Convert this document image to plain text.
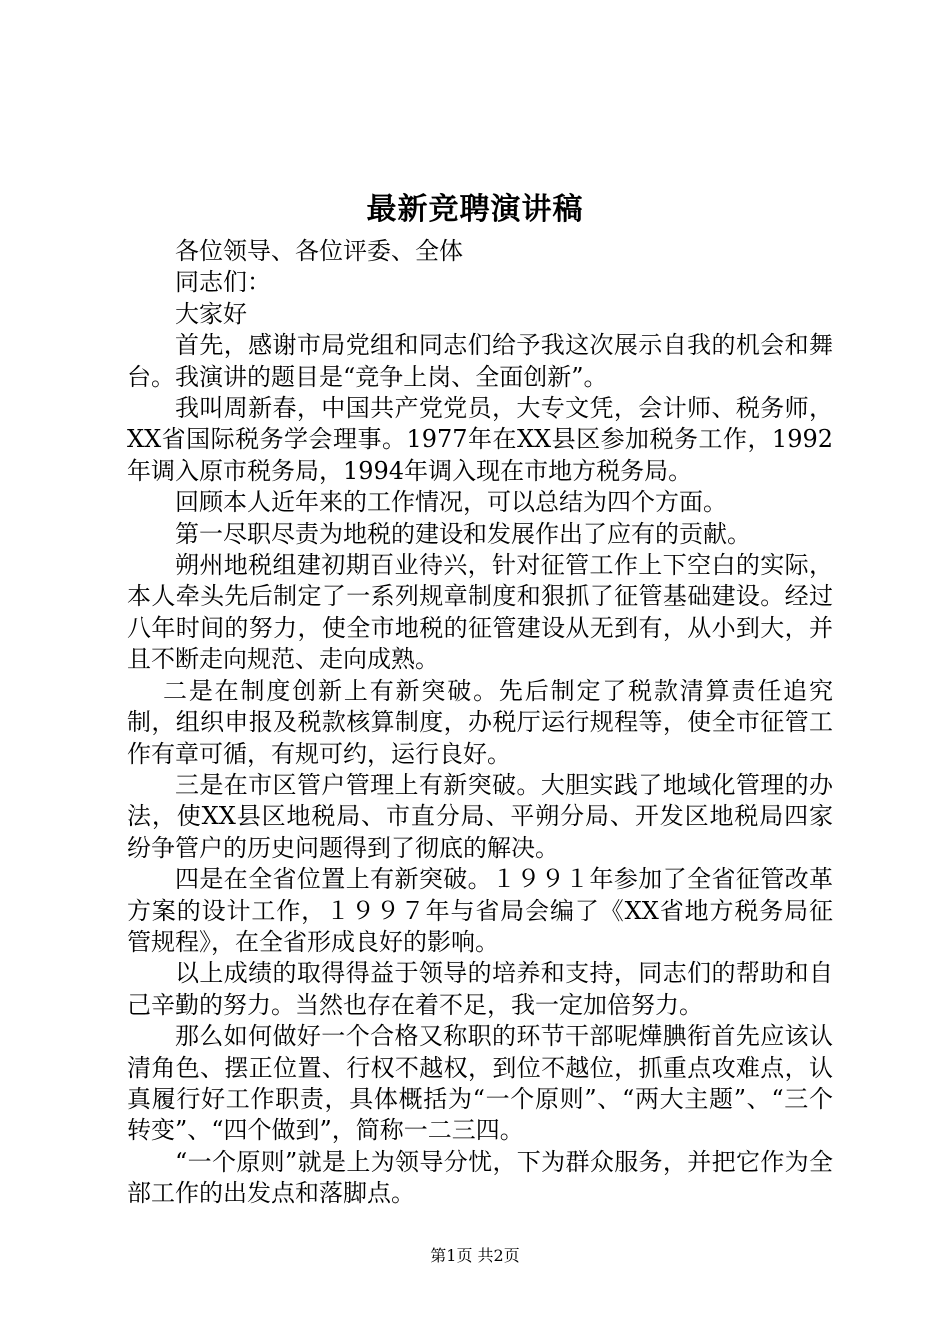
最新竞聘演讲稿

各位领导、各位评委、全体

同志们：

大家好

首先，感谢市局党组和同志们给予我这次展示自我的机会和舞台。我演讲的题目是“竞争上岗、全面创新”。

我叫周新春，中国共产党党员，大专文凭，会计师、税务师，XX省国际税务学会理事。1977年在XX县区参加税务工作，1992年调入原市税务局，1994年调入现在市地方税务局。

回顾本人近年来的工作情况，可以总结为四个方面。

第一尽职尽责为地税的建设和发展作出了应有的贡献。

朔州地税组建初期百业待兴，针对征管工作上下空白的实际，本人牵头先后制定了一系列规章制度和狠抓了征管基础建设。经过八年时间的努力，使全市地税的征管建设从无到有，从小到大，并且不断走向规范、走向成熟。

二是在制度创新上有新突破。先后制定了税款清算责任追究制，组织申报及税款核算制度，办税厅运行规程等，使全市征管工作有章可循，有规可约，运行良好。

三是在市区管户管理上有新突破。大胆实践了地域化管理的办法，使XX县区地税局、市直分局、平朔分局、开发区地税局四家纷争管户的历史问题得到了彻底的解决。

四是在全省位置上有新突破。１９９１年参加了全省征管改革方案的设计工作，１９９７年与省局会编了《XX省地方税务局征管规程》，在全省形成良好的影响。

以上成绩的取得得益于领导的培养和支持，同志们的帮助和自己辛勤的努力。当然也存在着不足，我一定加倍努力。

那么如何做好一个合格又称职的环节干部呢燁腆衔首先应该认清角色、摆正位置、行权不越权，到位不越位，抓重点攻难点，认真履行好工作职责，具体概括为“一个原则”、“两大主题”、“三个转变”、“四个做到”，简称一二三四。

“一个原则”就是上为领导分忧，下为群众服务，并把它作为全部工作的出发点和落脚点。

第1页 共2页
